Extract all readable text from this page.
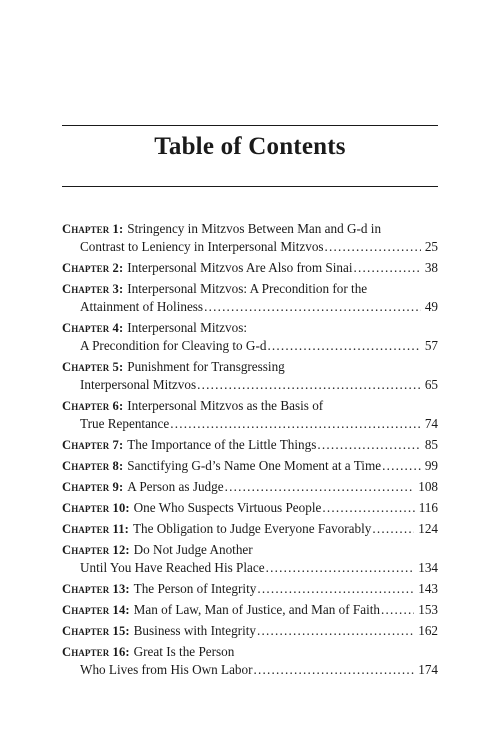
Table of Contents
Chapter 1: Stringency in Mitzvos Between Man and G-d in
Contrast to Leniency in Interpersonal Mitzvos .....	25
Chapter 2: Interpersonal Mitzvos Are Also from Sinai .....	38
Chapter 3: Interpersonal Mitzvos: A Precondition for the
Attainment of Holiness .....	49
Chapter 4: Interpersonal Mitzvos:
A Precondition for Cleaving to G-d .....	57
Chapter 5: Punishment for Transgressing
Interpersonal Mitzvos .....	65
Chapter 6: Interpersonal Mitzvos as the Basis of
True Repentance .....	74
Chapter 7: The Importance of the Little Things .....	85
Chapter 8: Sanctifying G-d’s Name One Moment at a Time .....	99
Chapter 9: A Person as Judge .....	108
Chapter 10: One Who Suspects Virtuous People .....	116
Chapter 11: The Obligation to Judge Everyone Favorably .....	124
Chapter 12: Do Not Judge Another
Until You Have Reached His Place .....	134
Chapter 13: The Person of Integrity .....	143
Chapter 14: Man of Law, Man of Justice, and Man of Faith .....	153
Chapter 15: Business with Integrity .....	162
Chapter 16: Great Is the Person
Who Lives from His Own Labor .....	174
